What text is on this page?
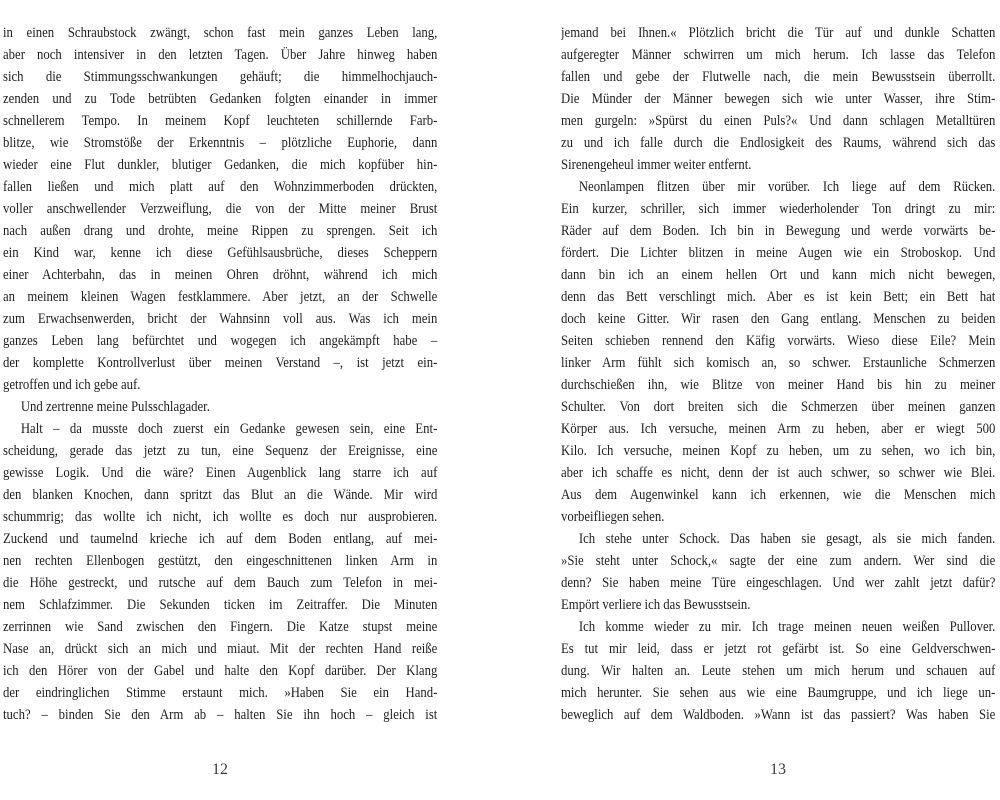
in einen Schraubstock zwängt, schon fast mein ganzes Leben lang,
aber noch intensiver in den letzten Tagen. Über Jahre hinweg haben
sich die Stimmungsschwankungen gehäuft; die himmelhochjauch-
zenden und zu Tode betrübten Gedanken folgten einander in immer
schnellerem Tempo. In meinem Kopf leuchteten schillernde Farb-
blitze, wie Stromstöße der Erkenntnis – plötzliche Euphorie, dann
wieder eine Flut dunkler, blutiger Gedanken, die mich kopfüber hin-
fallen ließen und mich platt auf den Wohnzimmerboden drückten,
voller anschwellender Verzweiflung, die von der Mitte meiner Brust
nach außen drang und drohte, meine Rippen zu sprengen. Seit ich
ein Kind war, kenne ich diese Gefühlsausbrüche, dieses Scheppern
einer Achterbahn, das in meinen Ohren dröhnt, während ich mich
an meinem kleinen Wagen festklammere. Aber jetzt, an der Schwelle
zum Erwachsenwerden, bricht der Wahnsinn voll aus. Was ich mein
ganzes Leben lang befürchtet und wogegen ich angekämpft habe –
der komplette Kontrollverlust über meinen Verstand –, ist jetzt ein-
getroffen und ich gebe auf.
Und zertrenne meine Pulsschlagader.
Halt – da musste doch zuerst ein Gedanke gewesen sein, eine Ent-
scheidung, gerade das jetzt zu tun, eine Sequenz der Ereignisse, eine
gewisse Logik. Und die wäre? Einen Augenblick lang starre ich auf
den blanken Knochen, dann spritzt das Blut an die Wände. Mir wird
schummrig; das wollte ich nicht, ich wollte es doch nur ausprobieren.
Zuckend und taumelnd krieche ich auf dem Boden entlang, auf mei-
nen rechten Ellenbogen gestützt, den eingeschnittenen linken Arm in
die Höhe gestreckt, und rutsche auf dem Bauch zum Telefon in mei-
nem Schlafzimmer. Die Sekunden ticken im Zeitraffer. Die Minuten
zerrinnen wie Sand zwischen den Fingern. Die Katze stupst meine
Nase an, drückt sich an mich und miaut. Mit der rechten Hand reiße
ich den Hörer von der Gabel und halte den Kopf darüber. Der Klang
der eindringlichen Stimme erstaunt mich. »Haben Sie ein Hand-
tuch? – binden Sie den Arm ab – halten Sie ihn hoch – gleich ist
jemand bei Ihnen.« Plötzlich bricht die Tür auf und dunkle Schatten
aufgeregter Männer schwirren um mich herum. Ich lasse das Telefon
fallen und gebe der Flutwelle nach, die mein Bewusstsein überrollt.
Die Münder der Männer bewegen sich wie unter Wasser, ihre Stim-
men gurgeln: »Spürst du einen Puls?« Und dann schlagen Metalltüren
zu und ich falle durch die Endlosigkeit des Raums, während sich das
Sirenengeheul immer weiter entfernt.
Neonlampen flitzen über mir vorüber. Ich liege auf dem Rücken.
Ein kurzer, schriller, sich immer wiederholender Ton dringt zu mir:
Räder auf dem Boden. Ich bin in Bewegung und werde vorwärts be-
fördert. Die Lichter blitzen in meine Augen wie ein Stroboskop. Und
dann bin ich an einem hellen Ort und kann mich nicht bewegen,
denn das Bett verschlingt mich. Aber es ist kein Bett; ein Bett hat
doch keine Gitter. Wir rasen den Gang entlang. Menschen zu beiden
Seiten schieben rennend den Käfig vorwärts. Wieso diese Eile? Mein
linker Arm fühlt sich komisch an, so schwer. Erstaunliche Schmerzen
durchschießen ihn, wie Blitze von meiner Hand bis hin zu meiner
Schulter. Von dort breiten sich die Schmerzen über meinen ganzen
Körper aus. Ich versuche, meinen Arm zu heben, aber er wiegt 500
Kilo. Ich versuche, meinen Kopf zu heben, um zu sehen, wo ich bin,
aber ich schaffe es nicht, denn der ist auch schwer, so schwer wie Blei.
Aus dem Augenwinkel kann ich erkennen, wie die Menschen mich
vorbeifliegen sehen.
Ich stehe unter Schock. Das haben sie gesagt, als sie mich fanden.
»Sie steht unter Schock,« sagte der eine zum andern. Wer sind die
denn? Sie haben meine Türe eingeschlagen. Und wer zahlt jetzt dafür?
Empört verliere ich das Bewusstsein.
Ich komme wieder zu mir. Ich trage meinen neuen weißen Pullover.
Es tut mir leid, dass er jetzt rot gefärbt ist. So eine Geldverschwen-
dung. Wir halten an. Leute stehen um mich herum und schauen auf
mich herunter. Sie sehen aus wie eine Baumgruppe, und ich liege un-
beweglich auf dem Waldboden. »Wann ist das passiert? Was haben Sie
12	13
